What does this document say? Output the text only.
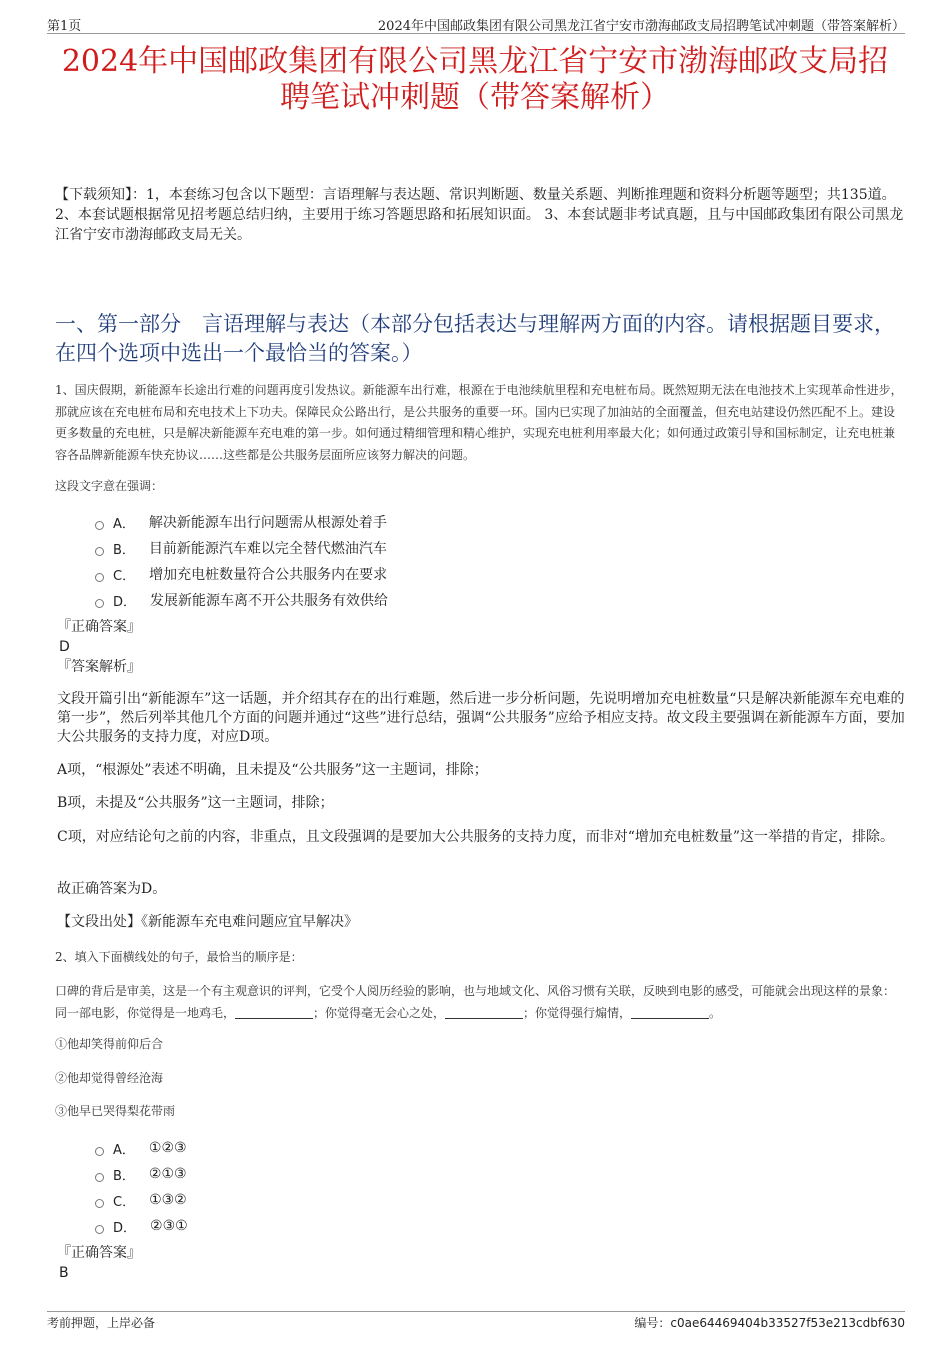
第1页	2024年中国邮政集团有限公司黑龙江省宁安市渤海邮政支局招聘笔试冲刺题（带答案解析）
2024年中国邮政集团有限公司黑龙江省宁安市渤海邮政支局招
聘笔试冲刺题（带答案解析）
【下载须知】：1，本套练习包含以下题型：言语理解与表达题、常识判断题、数量关系题、判断推理题和资料分析题等题型；共135道。 2、本套试题根据常见招考题总结归纳，主要用于练习答题思路和拓展知识面。 3、本套试题非考试真题，且与中国邮政集团有限公司黑龙江省宁安市渤海邮政支局无关。
一、第一部分　言语理解与表达（本部分包括表达与理解两方面的内容。请根据题目要求，在四个选项中选出一个最恰当的答案。）
1、国庆假期，新能源车长途出行难的问题再度引发热议。新能源车出行难，根源在于电池续航里程和充电桩布局。既然短期无法在电池技术上实现革命性进步，那就应该在充电桩布局和充电技术上下功夫。保障民众公路出行，是公共服务的重要一环。国内已实现了加油站的全面覆盖，但充电站建设仍然匹配不上。建设更多数量的充电桩，只是解决新能源车充电难的第一步。如何通过精细管理和精心维护，实现充电桩利用率最大化；如何通过政策引导和国标制定，让充电桩兼容各品牌新能源车快充协议……这些都是公共服务层面所应该努力解决的问题。
这段文字意在强调：
A． 解决新能源车出行问题需从根源处着手
B． 目前新能源汽车难以完全替代燃油汽车
C． 增加充电桩数量符合公共服务内在要求
D． 发展新能源车离不开公共服务有效供给
『正确答案』
D
『答案解析』
文段开篇引出“新能源车”这一话题，并介绍其存在的出行难题，然后进一步分析问题，先说明增加充电桩数量“只是解决新能源车充电难的第一步”，然后列举其他几个方面的问题并通过“这些”进行总结，强调“公共服务”应给予相应支持。故文段主要强调在新能源车方面，要加大公共服务的支持力度，对应D项。
A项，“根源处”表述不明确，且未提及“公共服务”这一主题词，排除；
B项，未提及“公共服务”这一主题词，排除；
C项，对应结论句之前的内容，非重点，且文段强调的是要加大公共服务的支持力度，而非对“增加充电桩数量”这一举措的肯定，排除。
故正确答案为D。
【文段出处】《新能源车充电难问题应宜早解决》
2、填入下面横线处的句子，最恰当的顺序是：
口碑的背后是审美，这是一个有主观意识的评判，它受个人阅历经验的影响，也与地域文化、风俗习惯有关联，反映到电影的感受，可能就会出现这样的景象：同一部电影，你觉得是一地鸡毛，	；你觉得毫无会心之处，	；你觉得强行煽情，	。
①他却笑得前仰后合
②他却觉得曾经沧海
③他早已哭得梨花带雨
A． ①②③
B． ②①③
C． ①③②
D． ②③①
『正确答案』
B
考前押题，上岸必备	编号：c0ae64469404b33527f53e213cdbf630
